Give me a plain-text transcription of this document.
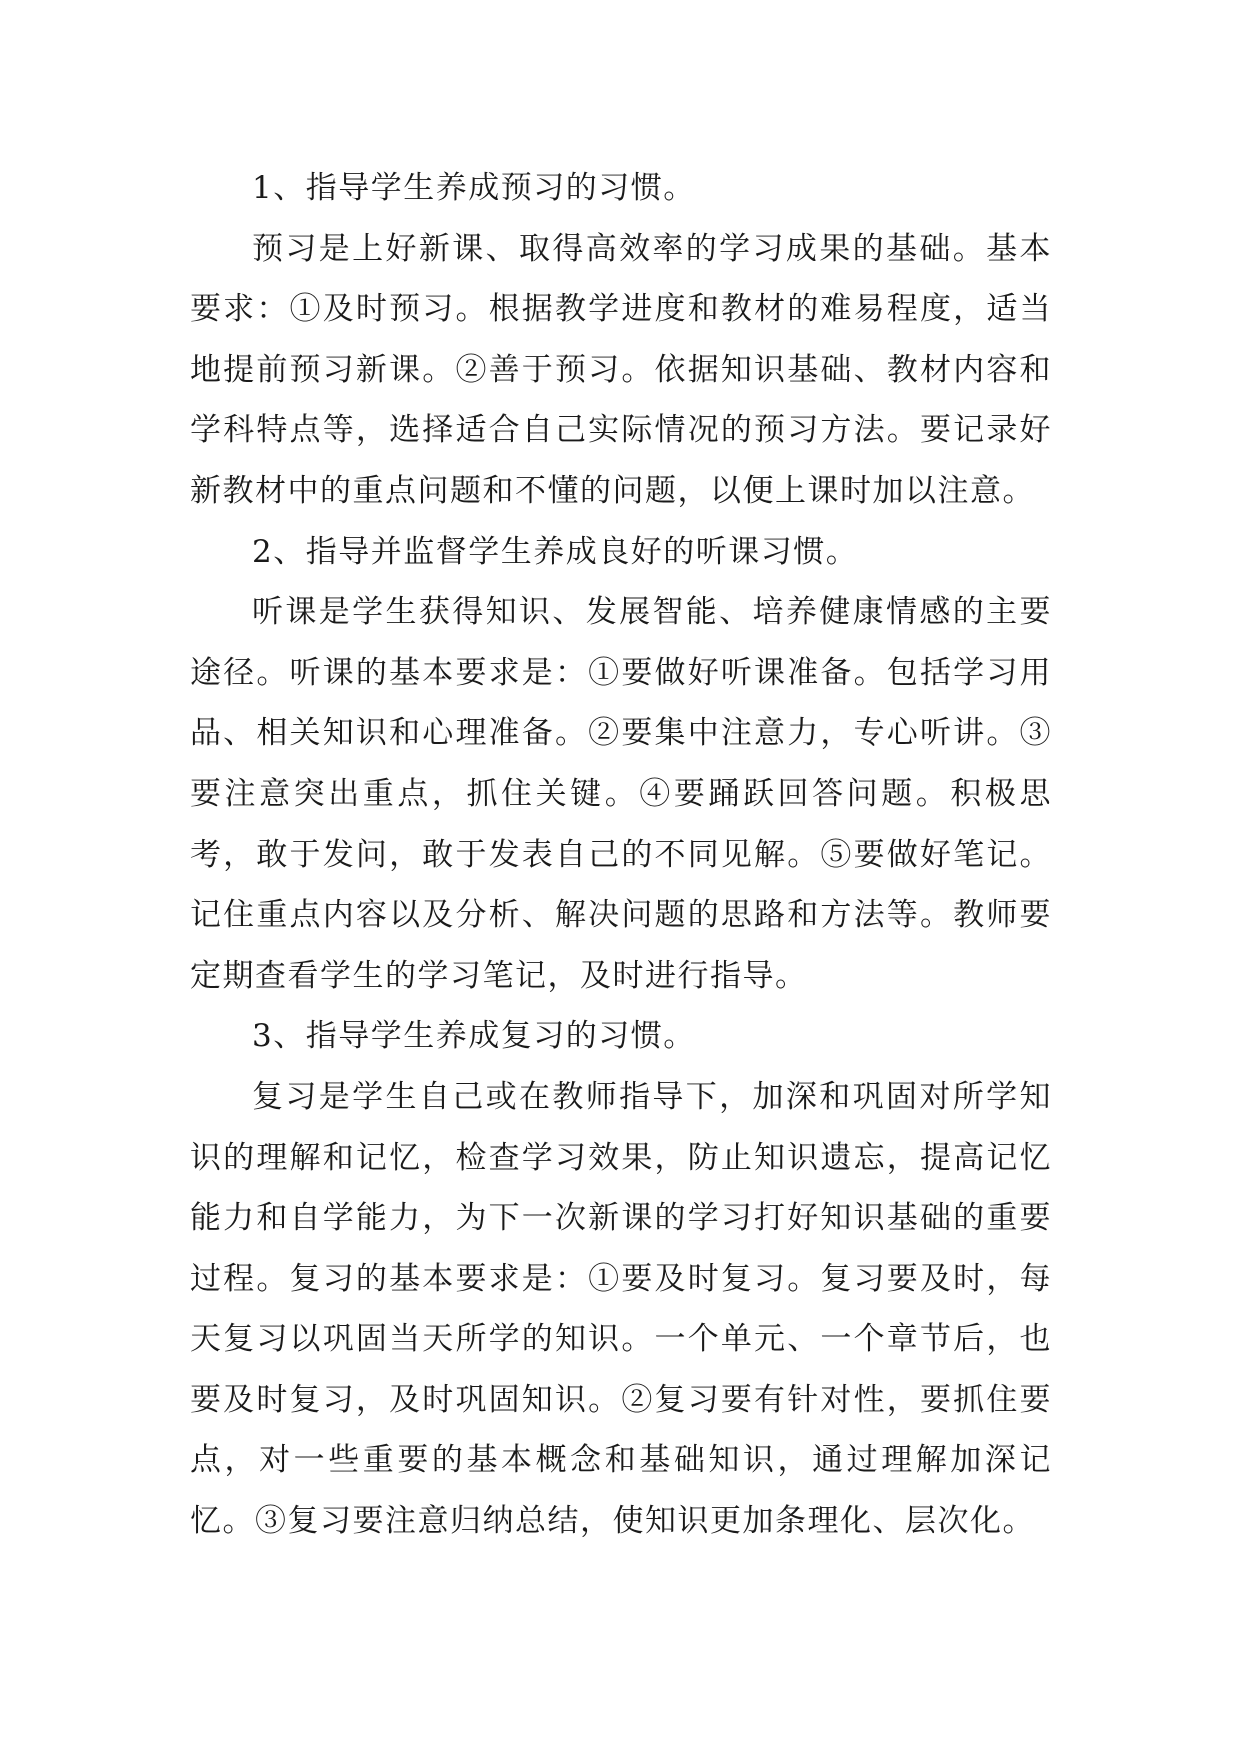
1、指导学生养成预习的习惯。

预习是上好新课、取得高效率的学习成果的基础。基本要求：①及时预习。根据教学进度和教材的难易程度，适当地提前预习新课。②善于预习。依据知识基础、教材内容和学科特点等，选择适合自己实际情况的预习方法。要记录好新教材中的重点问题和不懂的问题，以便上课时加以注意。

2、指导并监督学生养成良好的听课习惯。

听课是学生获得知识、发展智能、培养健康情感的主要途径。听课的基本要求是：①要做好听课准备。包括学习用品、相关知识和心理准备。②要集中注意力，专心听讲。③要注意突出重点，抓住关键。④要踊跃回答问题。积极思考，敢于发问，敢于发表自己的不同见解。⑤要做好笔记。记住重点内容以及分析、解决问题的思路和方法等。教师要定期查看学生的学习笔记，及时进行指导。

3、指导学生养成复习的习惯。

复习是学生自己或在教师指导下，加深和巩固对所学知识的理解和记忆，检查学习效果，防止知识遗忘，提高记忆能力和自学能力，为下一次新课的学习打好知识基础的重要过程。复习的基本要求是：①要及时复习。复习要及时，每天复习以巩固当天所学的知识。一个单元、一个章节后，也要及时复习，及时巩固知识。②复习要有针对性，要抓住要点，对一些重要的基本概念和基础知识，通过理解加深记忆。③复习要注意归纳总结，使知识更加条理化、层次化。
